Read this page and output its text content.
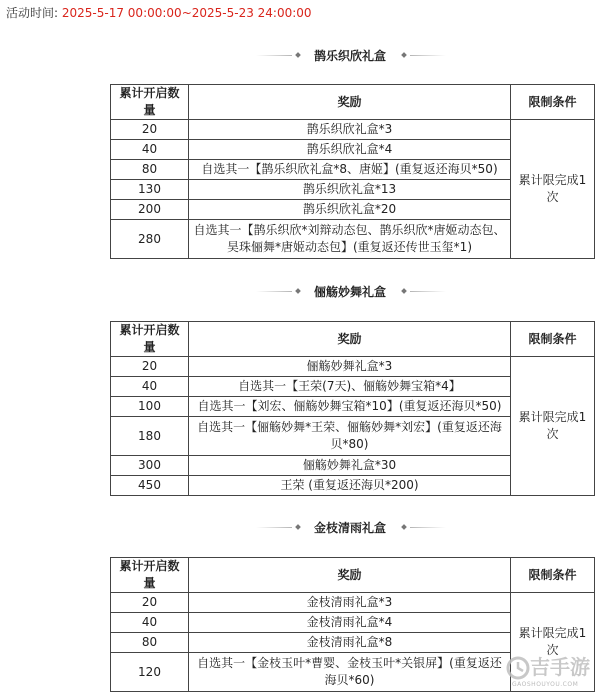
活动时间: 2025-5-17 00:00:00~2025-5-23 24:00:00
鹊乐织欣礼盒
累计开启数量	奖励	限制条件
20	鹊乐织欣礼盒*3	累计限完成1次
40	鹊乐织欣礼盒*4	
80	自选其一【鹊乐织欣礼盒*8、唐姬】(重复返还海贝*50)	
130	鹊乐织欣礼盒*13	
200	鹊乐织欣礼盒*20	
280	自选其一【鹊乐织欣*刘辩动态包、鹊乐织欣*唐姬动态包、昊珠俪舞*唐姬动态包】(重复返还传世玉玺*1)	
俪觞妙舞礼盒
累计开启数量	奖励	限制条件
20	俪觞妙舞礼盒*3	累计限完成1次
40	自选其一【王荣(7天)、俪觞妙舞宝箱*4】	
100	自选其一【刘宏、俪觞妙舞宝箱*10】(重复返还海贝*50)	
180	自选其一【俪觞妙舞*王荣、俪觞妙舞*刘宏】(重复返还海贝*80)	
300	俪觞妙舞礼盒*30	
450	王荣 (重复返还海贝*200)	
金枝清雨礼盒
累计开启数量	奖励	限制条件
20	金枝清雨礼盒*3	累计限完成1次
40	金枝清雨礼盒*4	
80	金枝清雨礼盒*8	
120	自选其一【金枝玉叶*曹婴、金枝玉叶*关银屏】(重复返还海贝*60)	
吉手游
GAOSHOUYOU.COM
